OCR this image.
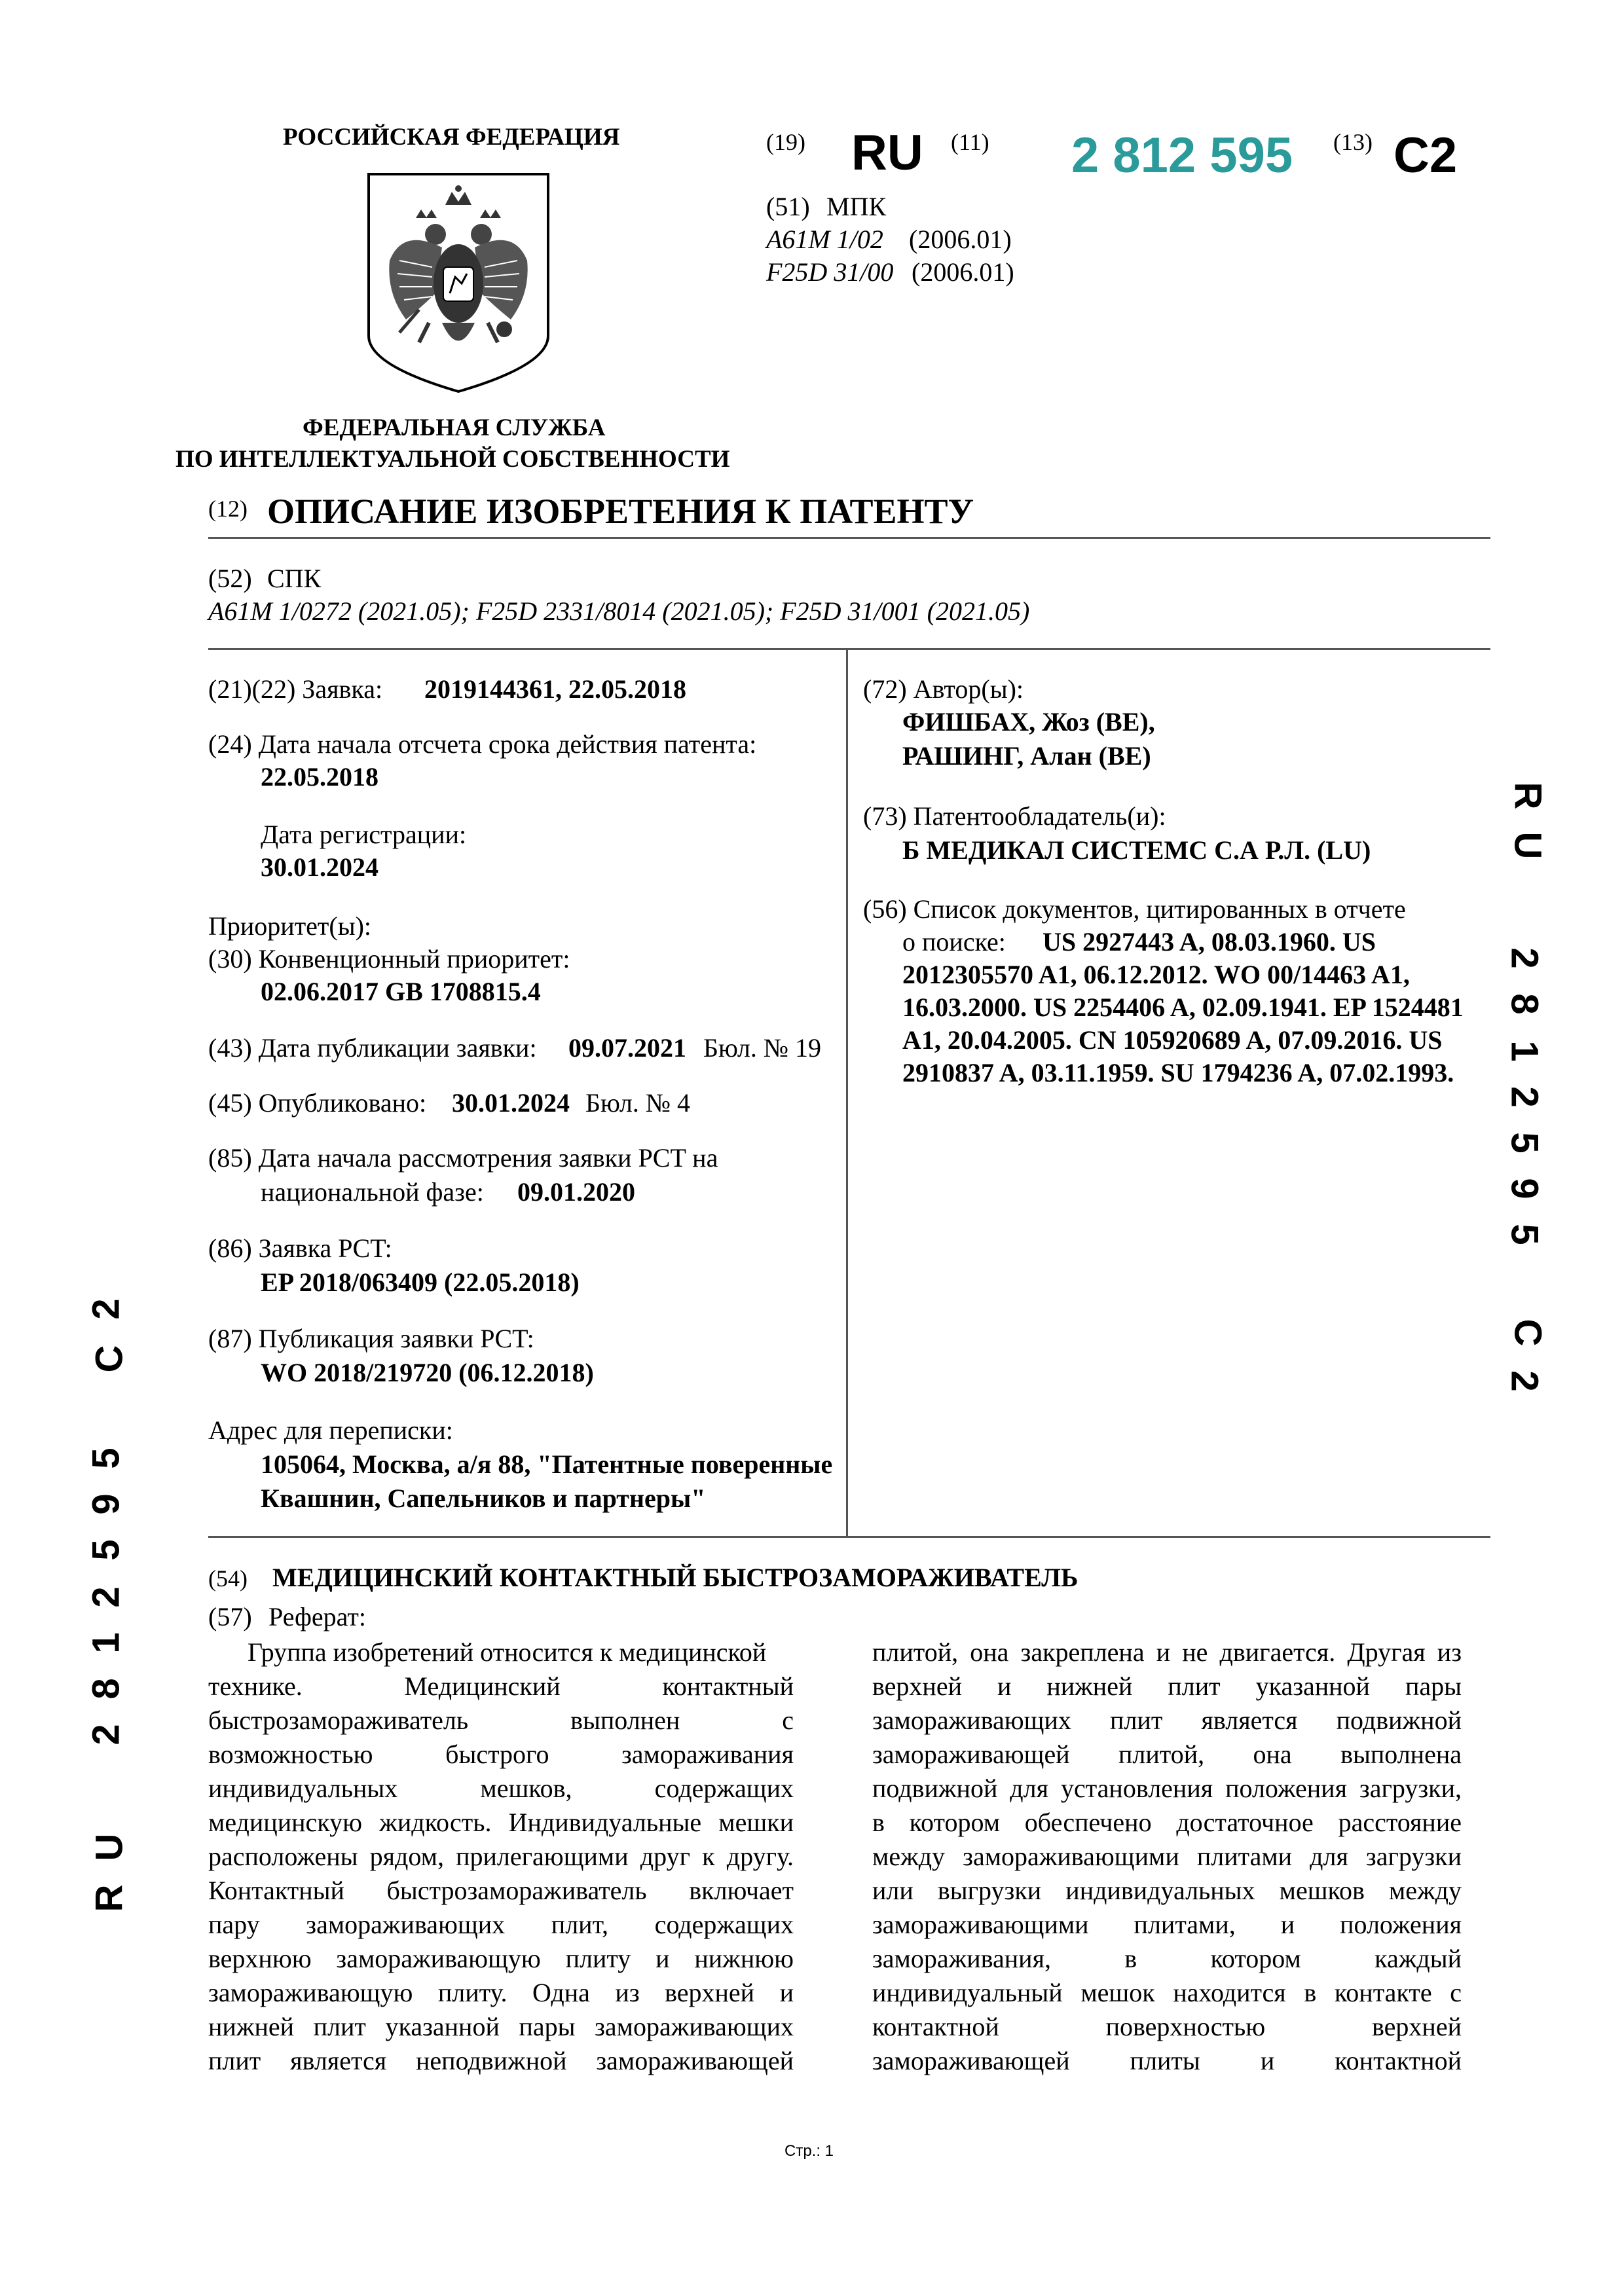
РОССИЙСКАЯ ФЕДЕРАЦИЯ
ФЕДЕРАЛЬНАЯ СЛУЖБА
ПО ИНТЕЛЛЕКТУАЛЬНОЙ СОБСТВЕННОСТИ
(19) RU (11) 2 812 595 (13) C2
(51) МПК
A61M 1/02 (2006.01)
F25D 31/00 (2006.01)
(12) ОПИСАНИЕ ИЗОБРЕТЕНИЯ К ПАТЕНТУ
(52) СПК
A61M 1/0272 (2021.05); F25D 2331/8014 (2021.05); F25D 31/001 (2021.05)
(21)(22) Заявка: 2019144361, 22.05.2018
(24) Дата начала отсчета срока действия патента:
22.05.2018
Дата регистрации:
30.01.2024
Приоритет(ы):
(30) Конвенционный приоритет:
02.06.2017 GB 1708815.4
(43) Дата публикации заявки: 09.07.2021 Бюл. № 19
(45) Опубликовано: 30.01.2024 Бюл. № 4
(85) Дата начала рассмотрения заявки PCT на
национальной фазе: 09.01.2020
(86) Заявка PCT:
EP 2018/063409 (22.05.2018)
(87) Публикация заявки PCT:
WO 2018/219720 (06.12.2018)
Адрес для переписки:
105064, Москва, а/я 88, "Патентные поверенные
Квашнин, Сапельников и партнеры"
(72) Автор(ы):
ФИШБАХ, Жоз (BE),
РАШИНГ, Алан (BE)
(73) Патентообладатель(и):
Б МЕДИКАЛ СИСТЕМС С.А Р.Л. (LU)
(56) Список документов, цитированных в отчете
о поиске: US 2927443 A, 08.03.1960. US
2012305570 A1, 06.12.2012. WO 00/14463 A1,
16.03.2000. US 2254406 A, 02.09.1941. EP 1524481
A1, 20.04.2005. CN 105920689 A, 07.09.2016. US
2910837 A, 03.11.1959. SU 1794236 A, 07.02.1993.
(54) МЕДИЦИНСКИЙ КОНТАКТНЫЙ БЫСТРОЗАМОРАЖИВАТЕЛЬ
(57) Реферат:
Группа изобретений относится к медицинской
технике. Медицинский контактный
быстрозамораживатель выполнен с
возможностью быстрого замораживания
индивидуальных мешков, содержащих
медицинскую жидкость. Индивидуальные мешки
расположены рядом, прилегающими друг к другу.
Контактный быстрозамораживатель включает
пару замораживающих плит, содержащих
верхнюю замораживающую плиту и нижнюю
замораживающую плиту. Одна из верхней и
нижней плит указанной пары замораживающих
плит является неподвижной замораживающей
плитой, она закреплена и не двигается. Другая из
верхней и нижней плит указанной пары
замораживающих плит является подвижной
замораживающей плитой, она выполнена
подвижной для установления положения загрузки,
в котором обеспечено достаточное расстояние
между замораживающими плитами для загрузки
или выгрузки индивидуальных мешков между
замораживающими плитами, и положения
замораживания, в котором каждый
индивидуальный мешок находится в контакте с
контактной поверхностью верхней
замораживающей плиты и контактной
R
U
2
8
1
2
5
9
5
C
2
R
U
2
8
1
2
5
9
5
C
2
Стр.: 1
